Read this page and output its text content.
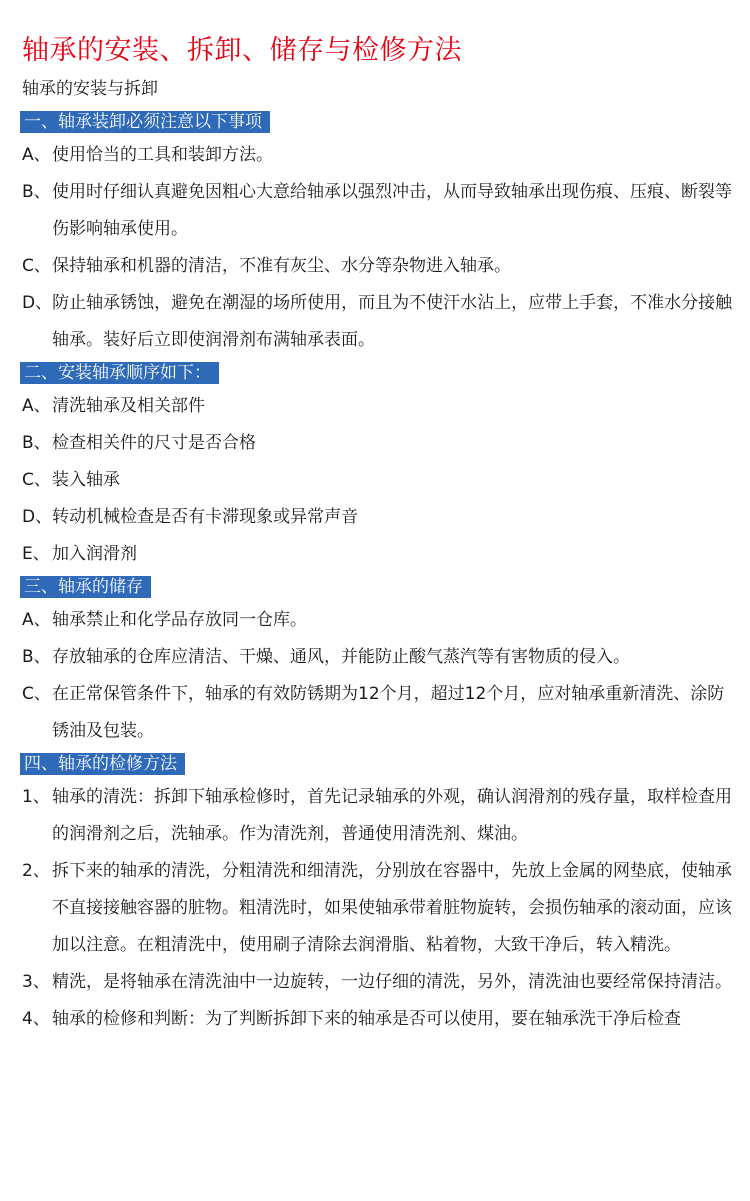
轴承的安装、拆卸、储存与检修方法
轴承的安装与拆卸
一、轴承装卸必须注意以下事项
A、使用恰当的工具和装卸方法。
B、使用时仔细认真避免因粗心大意给轴承以强烈冲击，从而导致轴承出现伤痕、压痕、断裂等伤影响轴承使用。
C、保持轴承和机器的清洁，不准有灰尘、水分等杂物进入轴承。
D、防止轴承锈蚀，避免在潮湿的场所使用，而且为不使汗水沾上，应带上手套，不准水分接触轴承。装好后立即使润滑剂布满轴承表面。
二、安装轴承顺序如下：
A、清洗轴承及相关部件
B、检查相关件的尺寸是否合格
C、装入轴承
D、转动机械检查是否有卡滞现象或异常声音
E、 加入润滑剂
三、轴承的储存
A、轴承禁止和化学品存放同一仓库。
B、存放轴承的仓库应清洁、干燥、通风，并能防止酸气蒸汽等有害物质的侵入。
C、在正常保管条件下，轴承的有效防锈期为12个月，超过12个月，应对轴承重新清洗、涂防锈油及包装。
四、轴承的检修方法
1、 轴承的清洗：拆卸下轴承检修时，首先记录轴承的外观，确认润滑剂的残存量，取样检查用的润滑剂之后，洗轴承。作为清洗剂，普通使用清洗剂、煤油。
2、 拆下来的轴承的清洗，分粗清洗和细清洗，分别放在容器中，先放上金属的网垫底，使轴承不直接接触容器的脏物。粗清洗时，如果使轴承带着脏物旋转，会损伤轴承的滚动面，应该加以注意。在粗清洗中，使用刷子清除去润滑脂、粘着物，大致干净后，转入精洗。
3、 精洗，是将轴承在清洗油中一边旋转，一边仔细的清洗，另外，清洗油也要经常保持清洁。
4、 轴承的检修和判断：为了判断拆卸下来的轴承是否可以使用，要在轴承洗干净后检查
